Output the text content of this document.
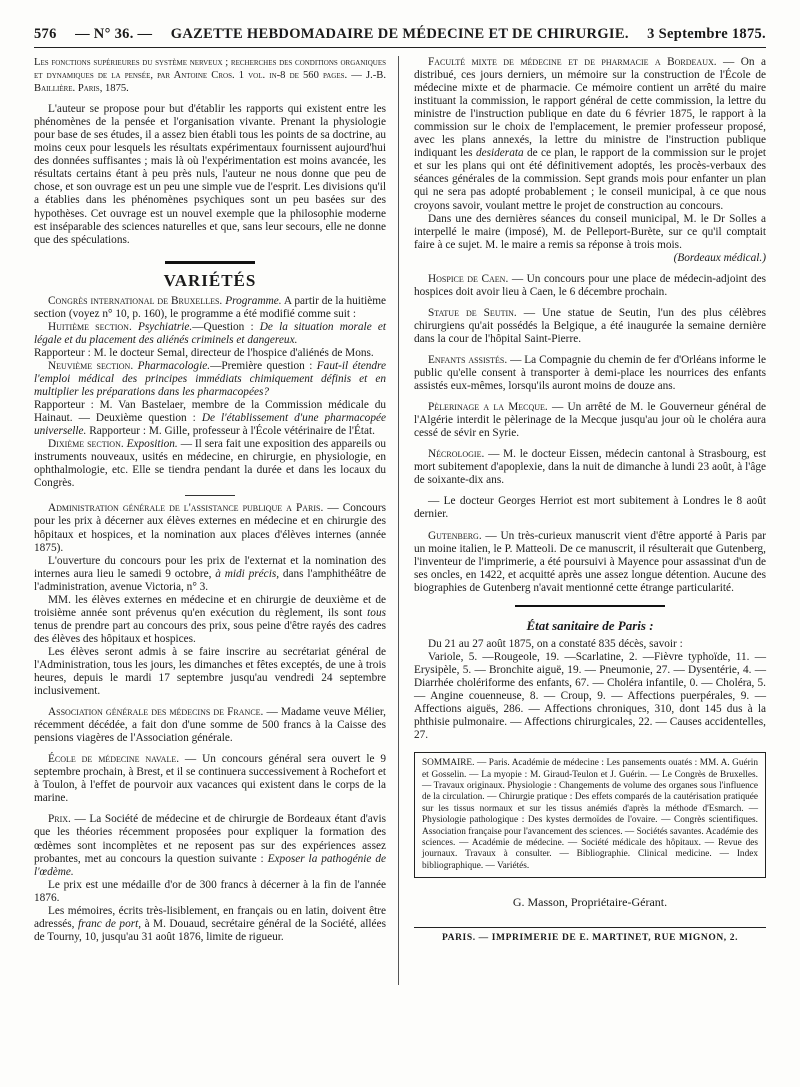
576 — N° 36. — GAZETTE HEBDOMADAIRE DE MÉDECINE ET DE CHIRURGIE. 3 Septembre 1875.

Les fonctions supérieures du système nerveux ; recherches des conditions organiques et dynamiques de la pensée, par Antoine Cros. 1 vol. in-8 de 560 pages. — J.-B. Baillière. Paris, 1875.

L'auteur se propose pour but d'établir les rapports qui existent entre les phénomènes de la pensée et l'organisation vivante. Prenant la physiologie pour base de ses études, il a assez bien établi tous les points de sa doctrine, au moins ceux pour lesquels les résultats expérimentaux fournissent aujourd'hui des données suffisantes ; mais là où l'expérimentation est moins avancée, les résultats certains étant à peu près nuls, l'auteur ne nous donne que peu de chose, et son ouvrage est un peu une simple vue de l'esprit. Les divisions qu'il a établies dans les phénomènes psychiques sont un peu basées sur des hypothèses. Cet ouvrage est un nouvel exemple que la philosophie moderne est inséparable des sciences naturelles et que, sans leur secours, elle ne donne que des spéculations.

VARIÉTÉS

Congrès international de Bruxelles. Programme. A partir de la huitième section (voyez n° 10, p. 160), le programme a été modifié comme suit :

Huitième section. Psychiatrie.—Question : De la situation morale et légale et du placement des aliénés criminels et dangereux.

Rapporteur : M. le docteur Semal, directeur de l'hospice d'aliénés de Mons.

Neuvième section. Pharmacologie.—Première question : Faut-il étendre l'emploi médical des principes immédiats chimiquement définis et en multiplier les préparations dans les pharmacopées?

Rapporteur : M. Van Bastelaer, membre de la Commission médicale du Hainaut. — Deuxième question : De l'établissement d'une pharmacopée universelle. Rapporteur : M. Gille, professeur à l'École vétérinaire de l'État.

Dixième section. Exposition. — Il sera fait une exposition des appareils ou instruments nouveaux, usités en médecine, en chirurgie, en physiologie, en ophthalmologie, etc. Elle se tiendra pendant la durée et dans les locaux du Congrès.

Administration générale de l'assistance publique a Paris. — Concours pour les prix à décerner aux élèves externes en médecine et en chirurgie des hôpitaux et hospices, et la nomination aux places d'élèves internes (année 1875).

L'ouverture du concours pour les prix de l'externat et la nomination des internes aura lieu le samedi 9 octobre, à midi précis, dans l'amphithéâtre de l'administration, avenue Victoria, n° 3.

MM. les élèves externes en médecine et en chirurgie de deuxième et de troisième année sont prévenus qu'en exécution du règlement, ils sont tous tenus de prendre part au concours des prix, sous peine d'être rayés des cadres des élèves des hôpitaux et hospices.

Les élèves seront admis à se faire inscrire au secrétariat général de l'Administration, tous les jours, les dimanches et fêtes exceptés, de une à trois heures, depuis le mardi 17 septembre jusqu'au vendredi 24 septembre inclusivement.

Association générale des médecins de France. — Madame veuve Mélier, récemment décédée, a fait don d'une somme de 500 francs à la Caisse des pensions viagères de l'Association générale.

École de médecine navale. — Un concours général sera ouvert le 9 septembre prochain, à Brest, et il se continuera successivement à Rochefort et à Toulon, à l'effet de pourvoir aux vacances qui existent dans le corps de la marine.

Prix. — La Société de médecine et de chirurgie de Bordeaux étant d'avis que les théories récemment proposées pour expliquer la formation des œdèmes sont incomplètes et ne reposent pas sur des expériences assez probantes, met au concours la question suivante : Exposer la pathogénie de l'œdème.

Le prix est une médaille d'or de 300 francs à décerner à la fin de l'année 1876.

Les mémoires, écrits très-lisiblement, en français ou en latin, doivent être adressés, franc de port, à M. Douaud, secrétaire général de la Société, allées de Tourny, 10, jusqu'au 31 août 1876, limite de rigueur.

Faculté mixte de médecine et de pharmacie a Bordeaux. — On a distribué, ces jours derniers, un mémoire sur la construction de l'École de médecine mixte et de pharmacie. Ce mémoire contient un arrêté du maire instituant la commission, le rapport général de cette commission, la lettre du ministre de l'instruction publique en date du 6 février 1875, le rapport à la commission sur le choix de l'emplacement, le premier professeur proposé, avec les plans annexés, la lettre du ministre de l'instruction publique indiquant les desiderata de ce plan, le rapport de la commission sur le projet et sur les plans qui ont été définitivement adoptés, les procès-verbaux des séances générales de la commission. Sept grands mois pour enfanter un plan qui ne sera pas adopté probablement ; le conseil municipal, à ce que nous croyons savoir, voulant mettre le projet de construction au concours.

Dans une des dernières séances du conseil municipal, M. le Dr Solles a interpellé le maire (imposé), M. de Pelleport-Burète, sur ce qu'il comptait faire à ce sujet. M. le maire a remis sa réponse à trois mois.

(Bordeaux médical.)

Hospice de Caen. — Un concours pour une place de médecin-adjoint des hospices doit avoir lieu à Caen, le 6 décembre prochain.

Statue de Seutin. — Une statue de Seutin, l'un des plus célèbres chirurgiens qu'ait possédés la Belgique, a été inaugurée la semaine dernière dans la cour de l'hôpital Saint-Pierre.

Enfants assistés. — La Compagnie du chemin de fer d'Orléans informe le public qu'elle consent à transporter à demi-place les nourrices des enfants assistés eux-mêmes, lorsqu'ils auront moins de douze ans.

Pèlerinage a la Mecque. — Un arrêté de M. le Gouverneur général de l'Algérie interdit le pèlerinage de la Mecque jusqu'au jour où le choléra aura cessé de sévir en Syrie.

Nécrologie. — M. le docteur Eissen, médecin cantonal à Strasbourg, est mort subitement d'apoplexie, dans la nuit de dimanche à lundi 23 août, à l'âge de soixante-dix ans.

— Le docteur Georges Herriot est mort subitement à Londres le 8 août dernier.

Gutenberg. — Un très-curieux manuscrit vient d'être apporté à Paris par un moine italien, le P. Matteoli. De ce manuscrit, il résulterait que Gutenberg, l'inventeur de l'imprimerie, a été poursuivi à Mayence pour assassinat d'un de ses oncles, en 1422, et acquitté après une assez longue détention. Aucune des biographies de Gutenberg n'avait mentionné cette étrange particularité.

État sanitaire de Paris :

Du 21 au 27 août 1875, on a constaté 835 décès, savoir :

Variole, 5. —Rougeole, 19. —Scarlatine, 2. —Fièvre typhoïde, 11. —Erysipèle, 5. — Bronchite aiguë, 19. — Pneumonie, 27. — Dysentérie, 4. — Diarrhée cholériforme des enfants, 67. — Choléra infantile, 0. — Choléra, 5. — Angine couenneuse, 8. — Croup, 9. — Affections puerpérales, 9. — Affections aiguës, 286. — Affections chroniques, 310, dont 145 dus à la phthisie pulmonaire. — Affections chirurgicales, 22. — Causes accidentelles, 27.

SOMMAIRE. — Paris. Académie de médecine : Les pansements ouatés : MM. A. Guérin et Gosselin. — La myopie : M. Giraud-Teulon et J. Guérin. — Le Congrès de Bruxelles. — Travaux originaux. Physiologie : Changements de volume des organes sous l'influence de la circulation. — Chirurgie pratique : Des effets comparés de la cautérisation pratiquée sur les tissus normaux et sur les tissus anémiés d'après la méthode d'Esmarch. — Physiologie pathologique : Des kystes dermoïdes de l'ovaire. — Congrès scientifiques. Association française pour l'avancement des sciences. — Sociétés savantes. Académie des sciences. — Académie de médecine. — Société médicale des hôpitaux. — Revue des journaux. Travaux à consulter. — Bibliographie. Clinical medicine. — Index bibliographique. — Variétés.
G. Masson, Propriétaire-Gérant.
PARIS. — IMPRIMERIE DE E. MARTINET, RUE MIGNON, 2.
